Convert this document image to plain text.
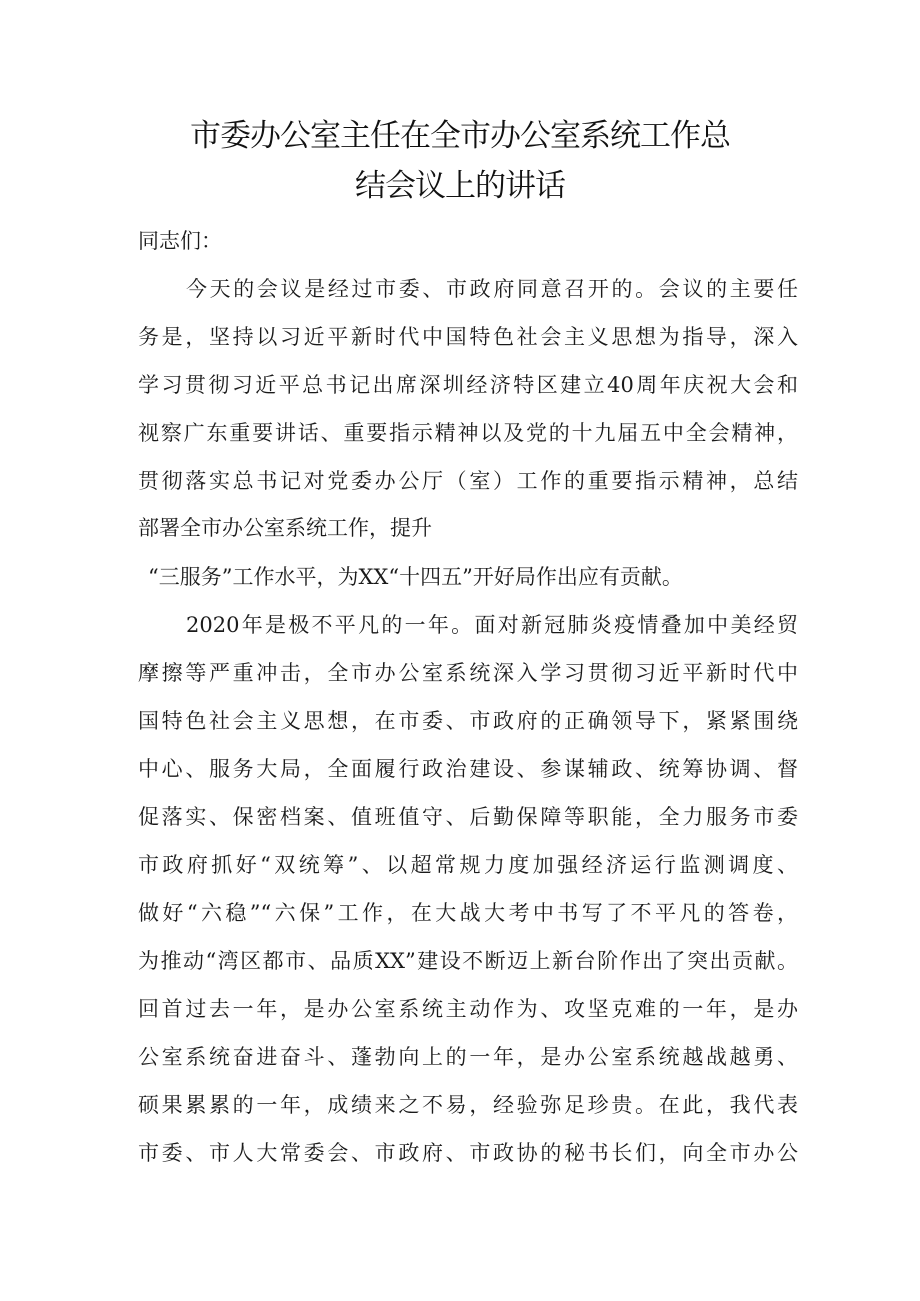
市委办公室主任在全市办公室系统工作总
结会议上的讲话
同志们：
今天的会议是经过市委、市政府同意召开的。会议的主要任
务是，坚持以习近平新时代中国特色社会主义思想为指导，深入
学习贯彻习近平总书记出席深圳经济特区建立40周年庆祝大会和
视察广东重要讲话、重要指示精神以及党的十九届五中全会精神，
贯彻落实总书记对党委办公厅（室）工作的重要指示精神，总结
部署全市办公室系统工作，提升
“三服务”工作水平，为XX“十四五”开好局作出应有贡献。
2020年是极不平凡的一年。面对新冠肺炎疫情叠加中美经贸
摩擦等严重冲击，全市办公室系统深入学习贯彻习近平新时代中
国特色社会主义思想，在市委、市政府的正确领导下，紧紧围绕
中心、服务大局，全面履行政治建设、参谋辅政、统筹协调、督
促落实、保密档案、值班值守、后勤保障等职能，全力服务市委
市政府抓好“双统筹”、以超常规力度加强经济运行监测调度、
做好“六稳”“六保”工作，在大战大考中书写了不平凡的答卷，
为推动“湾区都市、品质XX”建设不断迈上新台阶作出了突出贡献。
回首过去一年，是办公室系统主动作为、攻坚克难的一年，是办
公室系统奋进奋斗、蓬勃向上的一年，是办公室系统越战越勇、
硕果累累的一年，成绩来之不易，经验弥足珍贵。在此，我代表
市委、市人大常委会、市政府、市政协的秘书长们，向全市办公
